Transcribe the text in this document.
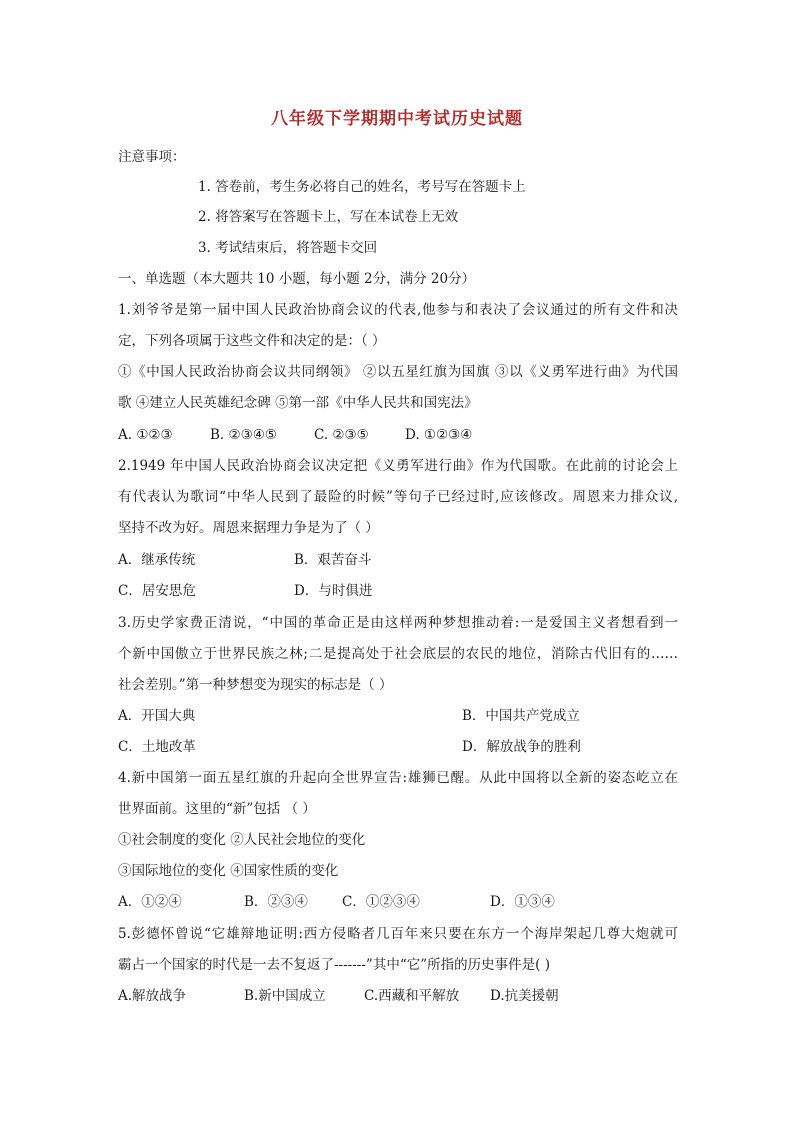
八年级下学期期中考试历史试题
注意事项：
1. 答卷前，考生务必将自己的姓名，考号写在答题卡上
2. 将答案写在答题卡上，写在本试卷上无效
3. 考试结束后，将答题卡交回
一、单选题（本大题共 10 小题，每小题 2分，满分 20分）
1.刘爷爷是第一届中国人民政治协商会议的代表,他参与和表决了会议通过的所有文件和决
定，下列各项属于这些文件和决定的是：（ ）
①《中国人民政治协商会议共同纲领》 ②以五星红旗为国旗 ③以《义勇军进行曲》为代国
歌 ④建立人民英雄纪念碑 ⑤第一部《中华人民共和国宪法》
A. ①②③	B. ②③④⑤	C. ②③⑤	D. ①②③④
2.1949 年中国人民政治协商会议决定把《义勇军进行曲》作为代国歌。在此前的讨论会上
有代表认为歌词“中华人民到了最险的时候”等句子已经过时,应该修改。周恩来力排众议,
坚持不改为好。周恩来据理力争是为了（ ）
A．继承传统	B．艰苦奋斗
C．居安思危	D．与时俱进
3.历史学家费正清说，“中国的革命正是由这样两种梦想推动着:一是爱国主义者想看到一
个新中国傲立于世界民族之林;二是提高处于社会底层的农民的地位，消除古代旧有的……
社会差别。”第一种梦想变为现实的标志是（ ）
A．开国大典	B．中国共产党成立
C．土地改革	D．解放战争的胜利
4.新中国第一面五星红旗的升起向全世界宣告:雄狮已醒。从此中国将以全新的姿态屹立在
世界面前。这里的“新”包括 （ ）
①社会制度的变化 ②人民社会地位的变化
③国际地位的变化 ④国家性质的变化
A．①②④	B．②③④	C．①②③④	D．①③④
5.彭德怀曾说“它雄辩地证明:西方侵略者几百年来只要在东方一个海岸架起几尊大炮就可
霸占一个国家的时代是一去不复返了-------”其中“它”所指的历史事件是( )
A.解放战争	B.新中国成立	C.西藏和平解放 D.抗美援朝
